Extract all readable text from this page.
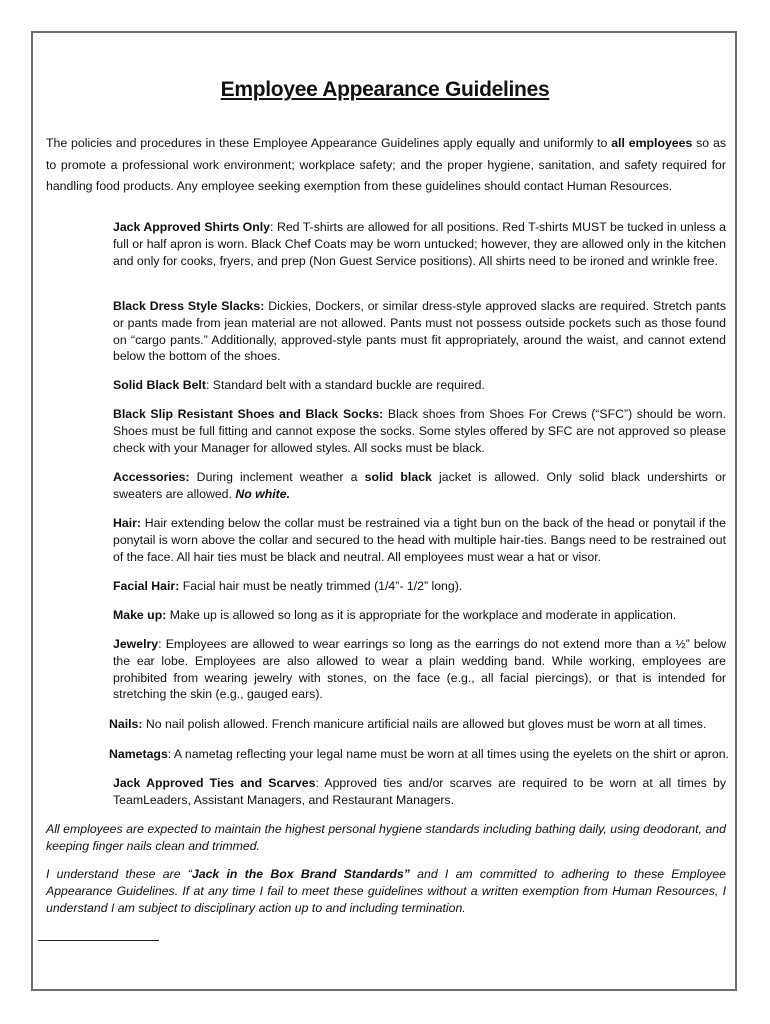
Employee Appearance Guidelines

The policies and procedures in these Employee Appearance Guidelines apply equally and uniformly to all employees so as to promote a professional work environment; workplace safety; and the proper hygiene, sanitation, and safety required for handling food products. Any employee seeking exemption from these guidelines should contact Human Resources.

Jack Approved Shirts Only: Red T-shirts are allowed for all positions. Red T-shirts MUST be tucked in unless a full or half apron is worn. Black Chef Coats may be worn untucked; however, they are allowed only in the kitchen and only for cooks, fryers, and prep (Non Guest Service positions). All shirts need to be ironed and wrinkle free.

Black Dress Style Slacks: Dickies, Dockers, or similar dress-style approved slacks are required. Stretch pants or pants made from jean material are not allowed. Pants must not possess outside pockets such as those found on “cargo pants.” Additionally, approved-style pants must fit appropriately, around the waist, and cannot extend below the bottom of the shoes.

Solid Black Belt: Standard belt with a standard buckle are required.

Black Slip Resistant Shoes and Black Socks: Black shoes from Shoes For Crews (“SFC”) should be worn. Shoes must be full fitting and cannot expose the socks. Some styles offered by SFC are not approved so please check with your Manager for allowed styles. All socks must be black.

Accessories: During inclement weather a solid black jacket is allowed. Only solid black undershirts or sweaters are allowed. No white.

Hair: Hair extending below the collar must be restrained via a tight bun on the back of the head or ponytail if the ponytail is worn above the collar and secured to the head with multiple hair-ties. Bangs need to be restrained out of the face. All hair ties must be black and neutral. All employees must wear a hat or visor.

Facial Hair: Facial hair must be neatly trimmed (1/4”- 1/2” long).

Make up: Make up is allowed so long as it is appropriate for the workplace and moderate in application.

Jewelry: Employees are allowed to wear earrings so long as the earrings do not extend more than a ½” below the ear lobe. Employees are also allowed to wear a plain wedding band. While working, employees are prohibited from wearing jewelry with stones, on the face (e.g., all facial piercings), or that is intended for stretching the skin (e.g., gauged ears).

Nails: No nail polish allowed. French manicure artificial nails are allowed but gloves must be worn at all times.

Nametags: A nametag reflecting your legal name must be worn at all times using the eyelets on the shirt or apron.

Jack Approved Ties and Scarves: Approved ties and/or scarves are required to be worn at all times by TeamLeaders, Assistant Managers, and Restaurant Managers.

All employees are expected to maintain the highest personal hygiene standards including bathing daily, using deodorant, and keeping finger nails clean and trimmed.

I understand these are “Jack in the Box Brand Standards” and I am committed to adhering to these Employee Appearance Guidelines. If at any time I fail to meet these guidelines without a written exemption from Human Resources, I understand I am subject to disciplinary action up to and including termination.
